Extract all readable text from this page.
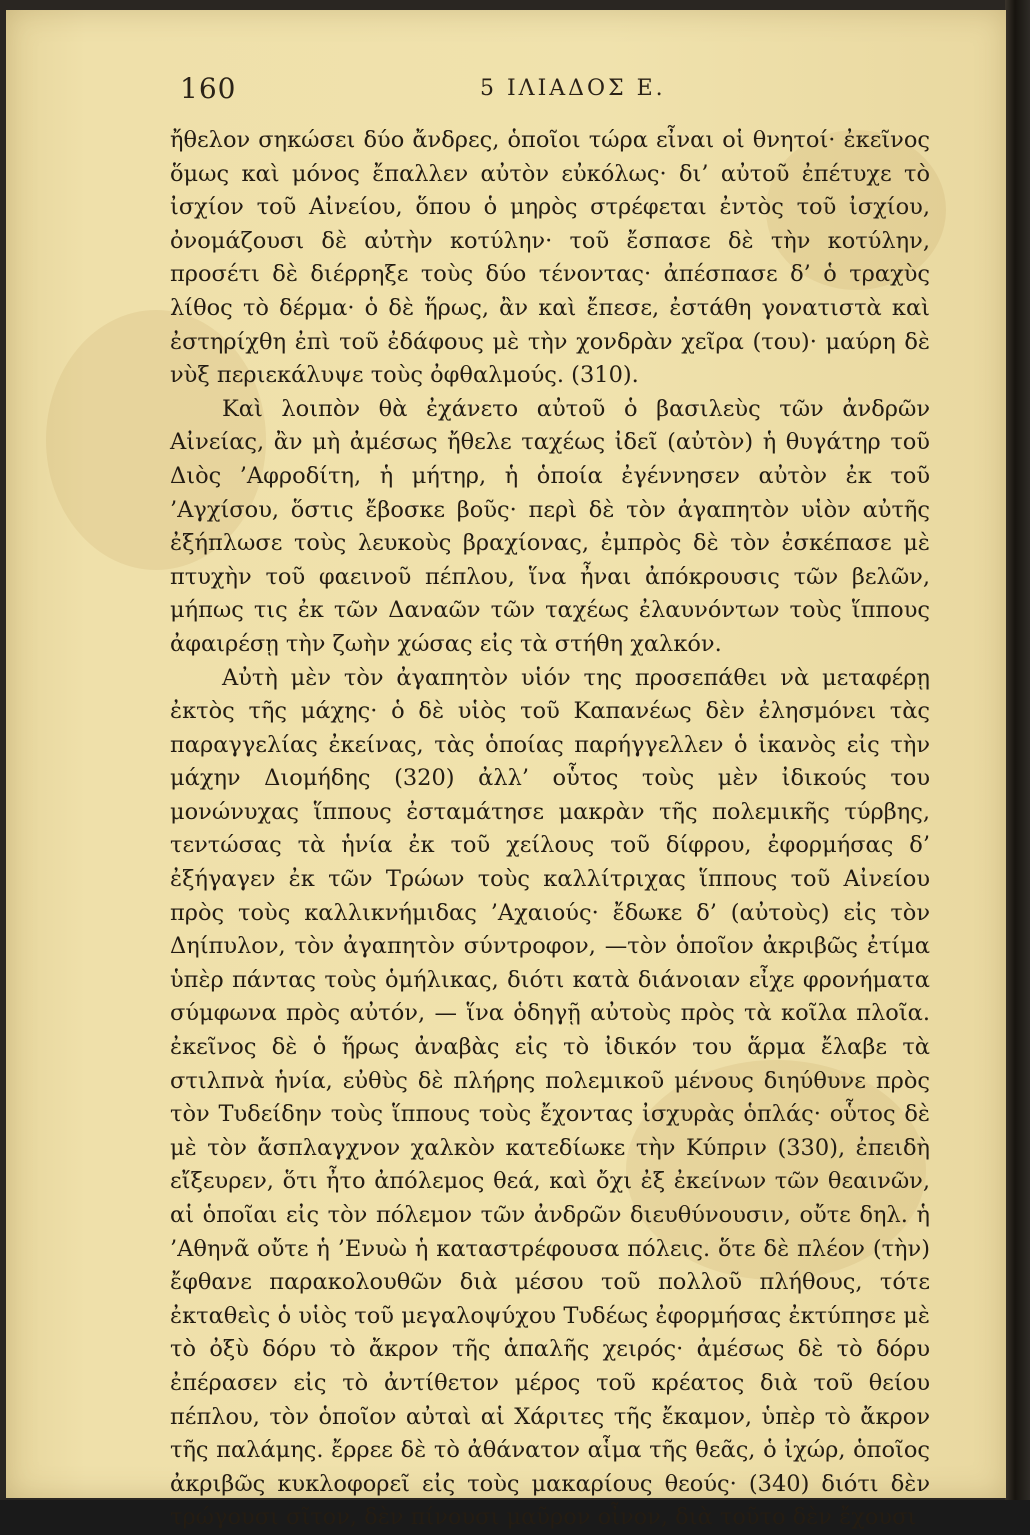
160	5 ΙΛΙΑΔΟΣ Ε.

ἤθελον σηκώσει δύο ἄνδρες, ὁποῖοι τώρα εἶναι οἱ θνητοί· ἐκεῖνος ὅμως καὶ μόνος ἔπαλλεν αὐτὸν εὐκόλως· δι’ αὐτοῦ ἐπέτυχε τὸ ἰσχίον τοῦ Αἰνείου, ὅπου ὁ μηρὸς στρέφεται ἐντὸς τοῦ ἰσχίου, ὀνομάζουσι δὲ αὐτὴν κοτύλην· τοῦ ἔσπασε δὲ τὴν κοτύλην, προσέτι δὲ διέρρηξε τοὺς δύο τένοντας· ἀπέσπασε δ’ ὁ τραχὺς λίθος τὸ δέρμα· ὁ δὲ ἥρως, ἂν καὶ ἔπεσε, ἐστάθη γονατιστὰ καὶ ἐστηρίχθη ἐπὶ τοῦ ἐδάφους μὲ τὴν χονδρὰν χεῖρα (του)· μαύρη δὲ νὺξ περιεκάλυψε τοὺς ὀφθαλμούς. (310).

Καὶ λοιπὸν θὰ ἐχάνετο αὐτοῦ ὁ βασιλεὺς τῶν ἀνδρῶν Αἰνείας, ἂν μὴ ἀμέσως ἤθελε ταχέως ἰδεῖ (αὐτὸν) ἡ θυγάτηρ τοῦ Διὸς ’Αφροδίτη, ἡ μήτηρ, ἡ ὁποία ἐγέννησεν αὐτὸν ἐκ τοῦ ’Αγχίσου, ὅστις ἔβοσκε βοῦς· περὶ δὲ τὸν ἀγαπητὸν υἱὸν αὐτῆς ἐξήπλωσε τοὺς λευκοὺς βραχίονας, ἐμπρὸς δὲ τὸν ἐσκέπασε μὲ πτυχὴν τοῦ φαεινοῦ πέπλου, ἵνα ἦναι ἀπόκρουσις τῶν βελῶν, μήπως τις ἐκ τῶν Δαναῶν τῶν ταχέως ἐλαυνόντων τοὺς ἵππους ἀφαιρέσῃ τὴν ζωὴν χώσας εἰς τὰ στήθη χαλκόν.

Αὐτὴ μὲν τὸν ἀγαπητὸν υἱόν της προσεπάθει νὰ μεταφέρῃ ἐκτὸς τῆς μάχης· ὁ δὲ υἱὸς τοῦ Καπανέως δὲν ἐλησμόνει τὰς παραγγελίας ἐκείνας, τὰς ὁποίας παρήγγελλεν ὁ ἱκανὸς εἰς τὴν μάχην Διομήδης (320) ἀλλ’ οὗτος τοὺς μὲν ἰδικούς του μονώνυχας ἵππους ἐσταμάτησε μακρὰν τῆς πολεμικῆς τύρβης, τεντώσας τὰ ἡνία ἐκ τοῦ χείλους τοῦ δίφρου, ἐφορμήσας δ’ ἐξήγαγεν ἐκ τῶν Τρώων τοὺς καλλίτριχας ἵππους τοῦ Αἰνείου πρὸς τοὺς καλλικνήμιδας ’Αχαιούς· ἔδωκε δ’ (αὐτοὺς) εἰς τὸν Δηίπυλον, τὸν ἀγαπητὸν σύντροφον, —τὸν ὁποῖον ἀκριβῶς ἐτίμα ὑπὲρ πάντας τοὺς ὁμήλικας, διότι κατὰ διάνοιαν εἶχε φρονήματα σύμφωνα πρὸς αὐτόν, — ἵνα ὁδηγῇ αὐτοὺς πρὸς τὰ κοῖλα πλοῖα. ἐκεῖνος δὲ ὁ ἥρως ἀναβὰς εἰς τὸ ἰδικόν του ἅρμα ἔλαβε τὰ στιλπνὰ ἡνία, εὐθὺς δὲ πλήρης πολεμικοῦ μένους διηύθυνε πρὸς τὸν Τυδείδην τοὺς ἵππους τοὺς ἔχοντας ἰσχυρὰς ὁπλάς· οὗτος δὲ μὲ τὸν ἄσπλαγχνον χαλκὸν κατεδίωκε τὴν Κύπριν (330), ἐπειδὴ εἴξευρεν, ὅτι ἦτο ἀπόλεμος θεά, καὶ ὄχι ἐξ ἐκείνων τῶν θεαινῶν, αἱ ὁποῖαι εἰς τὸν πόλεμον τῶν ἀνδρῶν διευθύνουσιν, οὔτε δηλ. ἡ ’Αθηνᾶ οὔτε ἡ ’Ενυὼ ἡ καταστρέφουσα πόλεις. ὅτε δὲ πλέον (τὴν) ἔφθανε παρακολουθῶν διὰ μέσου τοῦ πολλοῦ πλήθους, τότε ἐκταθεὶς ὁ υἱὸς τοῦ μεγαλοψύχου Τυδέως ἐφορμήσας ἐκτύπησε μὲ τὸ ὀξὺ δόρυ τὸ ἄκρον τῆς ἁπαλῆς χειρός· ἀμέσως δὲ τὸ δόρυ ἐπέρασεν εἰς τὸ ἀντίθετον μέρος τοῦ κρέατος διὰ τοῦ θείου πέπλου, τὸν ὁποῖον αὐταὶ αἱ Χάριτες τῆς ἔκαμον, ὑπὲρ τὸ ἄκρον τῆς παλάμης. ἔρρεε δὲ τὸ ἀθάνατον αἷμα τῆς θεᾶς, ὁ ἰχώρ, ὁποῖος ἀκριβῶς κυκλοφορεῖ εἰς τοὺς μακαρίους θεούς· (340) διότι δὲν τρώγουσι σῖτον, δὲν πίνουσι μαῦρον οἶνον, διὰ τοῦτο δὲν ἔχουσι
